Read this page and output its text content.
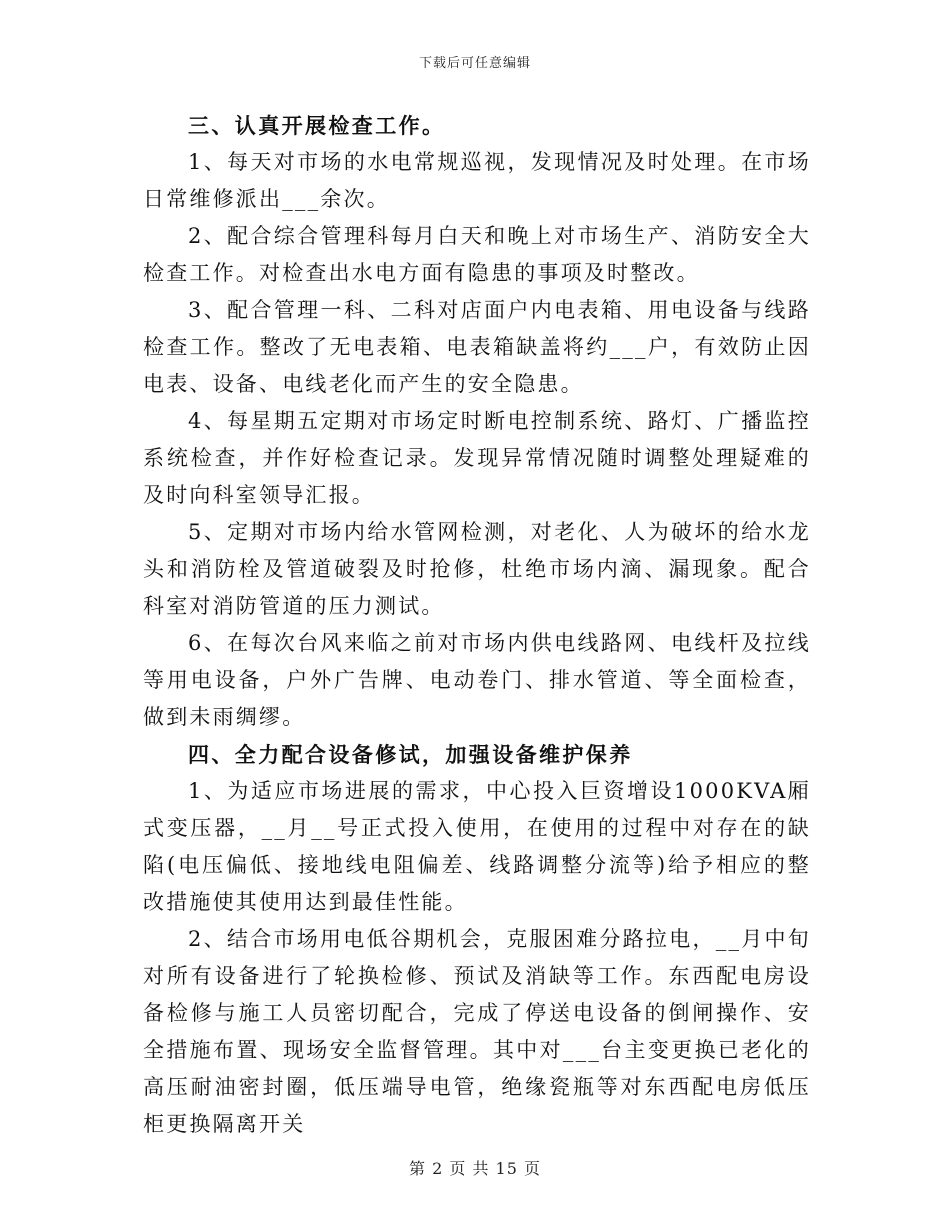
下载后可任意编辑

三、认真开展检查工作。

1、每天对市场的水电常规巡视，发现情况及时处理。在市场日常维修派出___余次。

2、配合综合管理科每月白天和晚上对市场生产、消防安全大检查工作。对检查出水电方面有隐患的事项及时整改。

3、配合管理一科、二科对店面户内电表箱、用电设备与线路检查工作。整改了无电表箱、电表箱缺盖将约___户，有效防止因电表、设备、电线老化而产生的安全隐患。

4、每星期五定期对市场定时断电控制系统、路灯、广播监控系统检查，并作好检查记录。发现异常情况随时调整处理疑难的及时向科室领导汇报。

5、定期对市场内给水管网检测，对老化、人为破坏的给水龙头和消防栓及管道破裂及时抢修，杜绝市场内滴、漏现象。配合科室对消防管道的压力测试。

6、在每次台风来临之前对市场内供电线路网、电线杆及拉线等用电设备，户外广告牌、电动卷门、排水管道、等全面检查，做到未雨绸缪。

四、全力配合设备修试，加强设备维护保养

1、为适应市场进展的需求，中心投入巨资增设1000KVA厢式变压器，__月__号正式投入使用，在使用的过程中对存在的缺陷(电压偏低、接地线电阻偏差、线路调整分流等)给予相应的整改措施使其使用达到最佳性能。

2、结合市场用电低谷期机会，克服困难分路拉电，__月中旬对所有设备进行了轮换检修、预试及消缺等工作。东西配电房设备检修与施工人员密切配合，完成了停送电设备的倒闸操作、安全措施布置、现场安全监督管理。其中对___台主变更换已老化的高压耐油密封圈，低压端导电管，绝缘瓷瓶等对东西配电房低压柜更换隔离开关

第 2 页 共 15 页
